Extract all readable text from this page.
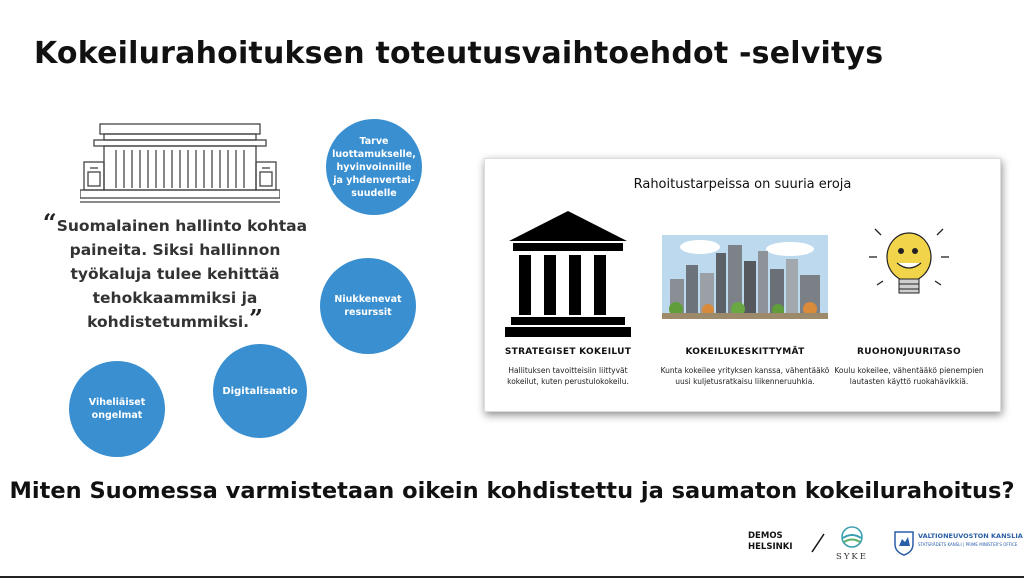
Kokeilurahoituksen toteutusvaihtoehdot -selvitys
“Suomalainen hallinto kohtaa paineita. Siksi hallinnon työkaluja tulee kehittää tehokkaammiksi ja kohdistetummiksi.”
Tarve luottamukselle, hyvinvoinnille ja yhdenvertai-suudelle
Niukkenevat resurssit
Digitalisaatio
Viheliäiset ongelmat
Rahoitustarpeissa on suuria eroja
STRATEGISET KOKEILUT
Hallituksen tavoitteisiin liittyvät kokeilut, kuten perustulokokeilu.
KOKEILUKESKITTYMÄT
Kunta kokeilee yrityksen kanssa, vähentääkö uusi kuljetusratkaisu liikenneruuhkia.
RUOHONJUURITASO
Koulu kokeilee, vähentääkö pienempien lautasten käyttö ruokahävikkiä.
Miten Suomessa varmistetaan oikein kohdistettu ja saumaton kokeilurahoitus?
DEMOS
HELSINKI
SYKE
VALTIONEUVOSTON KANSLIA
STATSRÅDETS KANSLI | PRIME MINISTER'S OFFICE
